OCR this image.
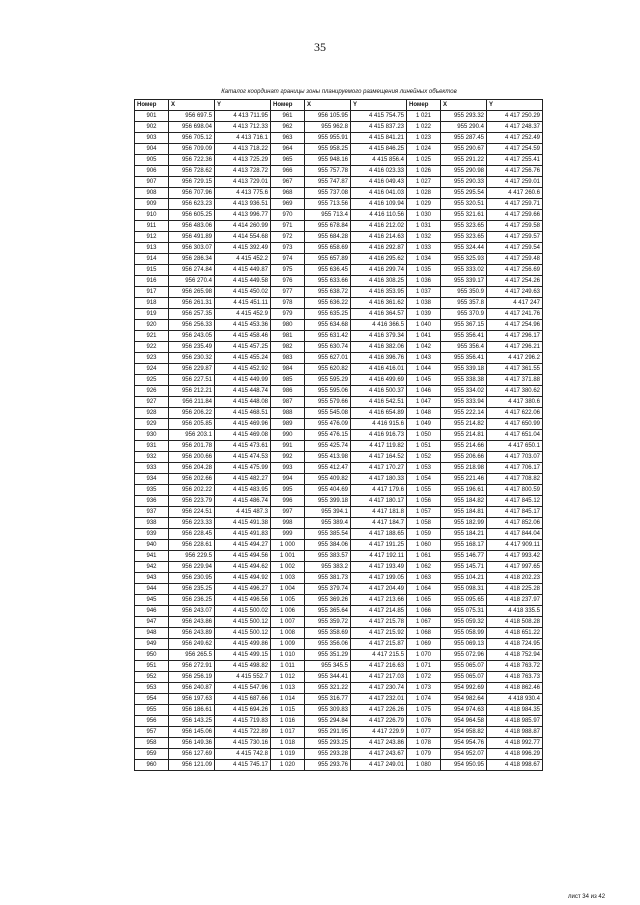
35
Каталог координат границы зоны планируемого размещения линейных объектов
Номер	X	Y	Номер	X	Y	Номер	X	Y
901	956 697.5	4 413 711.95	961	956 105.95	4 415 754.75	1 021	955 293.32	4 417 250.29
902	956 698.04	4 413 712.33	962	955 962.8	4 415 837.23	1 022	955 290.4	4 417 248.37
903	956 705.12	4 413 716.1	963	955 955.91	4 415 841.21	1 023	955 287.45	4 417 252.49
904	956 709.09	4 413 718.22	964	955 958.25	4 415 846.25	1 024	955 290.67	4 417 254.59
905	956 722.36	4 413 725.29	965	955 948.16	4 415 856.4	1 025	955 291.22	4 417 255.41
906	956 728.62	4 413 728.72	966	955 757.78	4 416 023.33	1 026	955 290.98	4 417 256.76
907	956 729.15	4 413 729.01	967	955 747.87	4 416 049.43	1 027	955 290.33	4 417 259.01
908	956 707.96	4 413 775.6	968	955 737.08	4 416 041.03	1 028	955 295.54	4 417 260.6
909	956 623.23	4 413 936.51	969	955 713.56	4 416 109.94	1 029	955 320.51	4 417 259.71
910	956 605.25	4 413 996.77	970	955 713.4	4 416 110.56	1 030	955 321.61	4 417 259.66
911	956 483.06	4 414 260.99	971	955 678.84	4 416 212.02	1 031	955 323.65	4 417 259.58
912	956 491.89	4 414 554.68	972	955 684.28	4 416 214.63	1 032	955 323.65	4 417 259.57
913	956 303.07	4 415 392.49	973	955 658.69	4 416 292.87	1 033	955 324.44	4 417 259.54
914	956 286.34	4 415 452.2	974	955 657.89	4 416 295.62	1 034	955 325.93	4 417 259.48
915	956 274.84	4 415 449.87	975	955 636.45	4 416 299.74	1 035	955 333.02	4 417 256.69
916	956 270.4	4 415 449.58	976	955 633.66	4 416 308.25	1 036	955 339.17	4 417 254.26
917	956 265.98	4 415 450.02	977	955 638.72	4 416 353.95	1 037	955 350.9	4 417 249.63
918	956 261.31	4 415 451.11	978	955 636.22	4 416 361.62	1 038	955 357.8	4 417 247
919	956 257.35	4 415 452.9	979	955 635.25	4 416 364.57	1 039	955 370.9	4 417 241.76
920	956 256.33	4 415 453.36	980	955 634.68	4 416 366.5	1 040	955 367.15	4 417 254.96
921	956 243.05	4 415 458.46	981	955 631.42	4 416 379.34	1 041	955 356.41	4 417 296.17
922	956 235.49	4 415 457.25	982	955 630.74	4 416 382.06	1 042	955 356.4	4 417 296.21
923	956 230.32	4 415 455.24	983	955 627.01	4 416 396.76	1 043	955 356.41	4 417 296.2
924	956 229.87	4 415 452.92	984	955 620.82	4 416 416.01	1 044	955 339.18	4 417 361.55
925	956 227.51	4 415 449.99	985	955 595.29	4 416 499.69	1 045	955 338.38	4 417 371.88
926	956 212.21	4 415 448.74	986	955 595.06	4 416 500.37	1 046	955 334.02	4 417 380.62
927	956 211.84	4 415 448.08	987	955 579.66	4 416 542.51	1 047	955 333.94	4 417 380.6
928	956 206.22	4 415 468.51	988	955 545.08	4 416 654.89	1 048	955 222.14	4 417 622.06
929	956 205.85	4 415 469.96	989	955 476.09	4 416 915.6	1 049	955 214.82	4 417 650.99
930	956 203.1	4 415 469.08	990	955 476.15	4 416 916.73	1 050	955 214.81	4 417 651.04
931	956 201.78	4 415 473.61	991	955 425.74	4 417 119.82	1 051	955 214.66	4 417 650.1
932	956 200.66	4 415 474.53	992	955 413.98	4 417 164.52	1 052	955 206.66	4 417 703.07
933	956 204.28	4 415 475.99	993	955 412.47	4 417 170.27	1 053	955 218.98	4 417 706.17
934	956 202.66	4 415 482.27	994	955 409.82	4 417 180.33	1 054	955 221.46	4 417 708.82
935	956 202.22	4 415 483.95	995	955 404.69	4 417 179.6	1 055	955 196.61	4 417 800.59
936	956 223.79	4 415 486.74	996	955 399.18	4 417 180.17	1 056	955 184.82	4 417 845.12
937	956 224.51	4 415 487.3	997	955 394.1	4 417 181.8	1 057	955 184.81	4 417 845.17
938	956 223.33	4 415 491.38	998	955 389.4	4 417 184.7	1 058	955 182.99	4 417 852.06
939	956 228.45	4 415 491.83	999	955 385.54	4 417 188.65	1 059	955 184.21	4 417 844.04
940	956 228.61	4 415 494.27	1 000	955 384.06	4 417 191.25	1 060	955 168.17	4 417 909.11
941	956 229.5	4 415 494.56	1 001	955 383.57	4 417 192.11	1 061	955 146.77	4 417 993.42
942	956 229.94	4 415 494.62	1 002	955 383.2	4 417 193.49	1 062	955 145.71	4 417 997.65
943	956 230.95	4 415 494.92	1 003	955 381.73	4 417 199.05	1 063	955 104.21	4 418 202.23
944	956 235.25	4 415 496.27	1 004	955 379.74	4 417 204.49	1 064	955 098.31	4 418 225.28
945	956 236.25	4 415 496.56	1 005	955 369.26	4 417 213.66	1 065	955 095.65	4 418 237.97
946	956 243.07	4 415 500.02	1 006	955 365.64	4 417 214.85	1 066	955 075.31	4 418 335.5
947	956 243.86	4 415 500.12	1 007	955 359.72	4 417 215.78	1 067	955 059.32	4 418 508.28
948	956 243.89	4 415 500.12	1 008	955 358.69	4 417 215.92	1 068	955 058.99	4 418 651.22
949	956 249.62	4 415 499.86	1 009	955 356.06	4 417 215.87	1 069	955 069.13	4 418 724.95
950	956 265.5	4 415 499.15	1 010	955 351.29	4 417 215.5	1 070	955 072.96	4 418 752.94
951	956 272.91	4 415 498.82	1 011	955 345.5	4 417 216.63	1 071	955 065.07	4 418 763.72
952	956 256.19	4 415 552.7	1 012	955 344.41	4 417 217.03	1 072	955 065.07	4 418 763.73
953	956 240.87	4 415 547.96	1 013	955 321.22	4 417 230.74	1 073	954 992.69	4 418 862.46
954	956 197.63	4 415 687.66	1 014	955 316.77	4 417 232.01	1 074	954 982.64	4 418 930.4
955	956 186.61	4 415 694.26	1 015	955 309.83	4 417 226.26	1 075	954 974.63	4 418 984.35
956	956 143.25	4 415 719.83	1 016	955 294.84	4 417 226.79	1 076	954 964.58	4 418 985.97
957	956 145.06	4 415 722.89	1 017	955 291.95	4 417 229.9	1 077	954 958.82	4 418 988.87
958	956 149.36	4 415 730.16	1 018	955 293.25	4 417 243.86	1 078	954 954.76	4 418 992.77
959	956 127.69	4 415 742.8	1 019	955 293.28	4 417 243.67	1 079	954 952.07	4 418 996.29
960	956 121.09	4 415 745.17	1 020	955 293.76	4 417 249.01	1 080	954 950.95	4 418 998.67
лист 34 из 42
